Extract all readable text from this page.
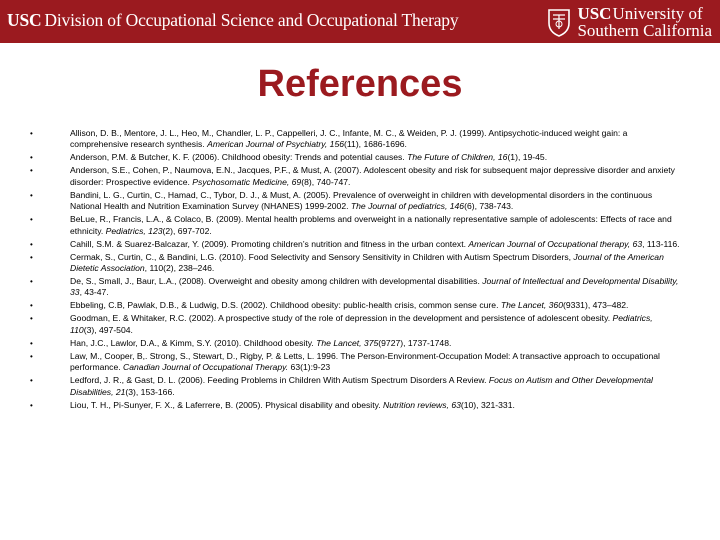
USC Division of Occupational Science and Occupational Therapy	USCUniversity of
Southern California
References
•	Allison, D. B., Mentore, J. L., Heo, M., Chandler, L. P., Cappelleri, J. C., Infante, M. C., & Weiden, P. J. (1999). Antipsychotic-induced weight gain: a comprehensive research synthesis. American Journal of Psychiatry, 156(11), 1686-1696.
•	Anderson, P.M. & Butcher, K. F. (2006). Childhood obesity: Trends and potential causes. The Future of Children, 16(1), 19-45.
•	Anderson, S.E., Cohen, P., Naumova, E.N., Jacques, P.F., & Must, A. (2007). Adolescent obesity and risk for subsequent major depressive disorder and anxiety disorder: Prospective evidence. Psychosomatic Medicine, 69(8), 740-747.
•	Bandini, L. G., Curtin, C., Hamad, C., Tybor, D. J., & Must, A. (2005). Prevalence of overweight in children with developmental disorders in the continuous National Health and Nutrition Examination Survey (NHANES) 1999-2002. The Journal of pediatrics, 146(6), 738-743.
•	BeLue, R., Francis, L.A., & Colaco, B. (2009). Mental health problems and overweight in a nationally representative sample of adolescents: Effects of race and ethnicity. Pediatrics, 123(2), 697-702.
•	Cahill, S.M. & Suarez-Balcazar, Y. (2009). Promoting children’s nutrition and fitness in the urban context. American Journal of Occupational therapy, 63, 113-116.
•	Cermak, S., Curtin, C., & Bandini, L.G. (2010). Food Selectivity and Sensory Sensitivity in Children with Autism Spectrum Disorders, Journal of the American Dietetic Association, 110(2), 238–246.
•	De, S., Small, J., Baur, L.A., (2008). Overweight and obesity among children with developmental disabilities. Journal of Intellectual and Developmental Disability, 33, 43-47.
•	Ebbeling, C.B, Pawlak, D.B., & Ludwig, D.S. (2002). Childhood obesity: public-health crisis, common sense cure. The Lancet, 360(9331), 473–482.
•	Goodman, E. & Whitaker, R.C. (2002). A prospective study of the role of depression in the development and persistence of adolescent obesity. Pediatrics, 110(3), 497-504.
•	Han, J.C., Lawlor, D.A., & Kimm, S.Y. (2010). Childhood obesity. The Lancet, 375(9727), 1737-1748.
•	Law, M., Cooper, B,. Strong, S., Stewart, D., Rigby, P. & Letts, L. 1996. The Person-Environment-Occupation Model: A transactive approach to occupational performance. Canadian Journal of Occupational Therapy. 63(1):9-23
•	Ledford, J. R., & Gast, D. L. (2006). Feeding Problems in Children With Autism Spectrum Disorders A Review. Focus on Autism and Other Developmental Disabilities, 21(3), 153-166.
•	Liou, T. H., Pi-Sunyer, F. X., & Laferrere, B. (2005). Physical disability and obesity. Nutrition reviews, 63(10), 321-331.
